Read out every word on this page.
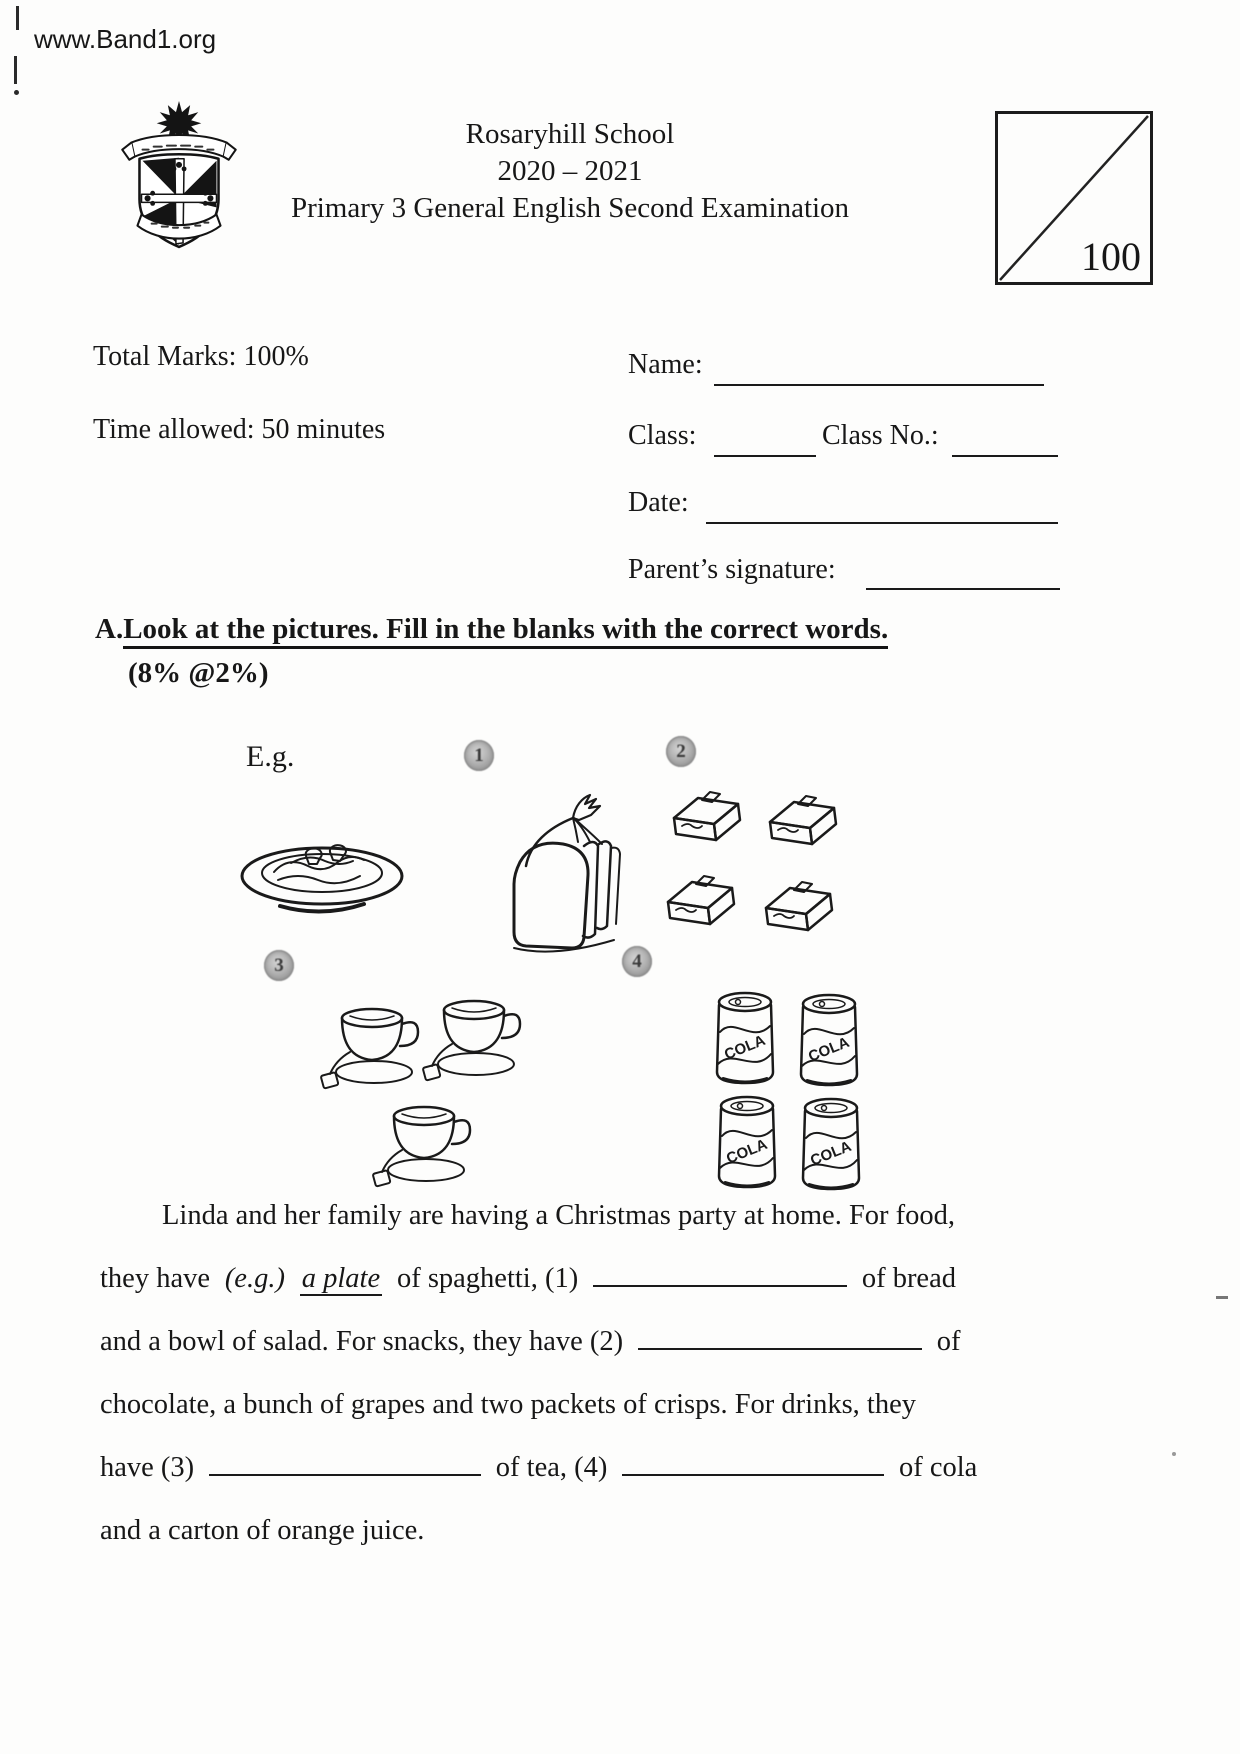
www.Band1.org
Rosaryhill School
2020 – 2021
Primary 3 General English Second Examination
100
Total Marks: 100%
Time allowed: 50 minutes
Name:
Class:	Class No.:
Date:
Parent’s signature:
A.Look at the pictures. Fill in the blanks with the correct words.
(8% @2%)
E.g.	1	2
3	4
Linda and her family are having a Christmas party at home. For food,
they have (e.g.) a plate of spaghetti, (1)	of bread
and a bowl of salad. For snacks, they have (2)	of
chocolate, a bunch of grapes and two packets of crisps. For drinks, they
have (3)	of tea, (4)	of cola
and a carton of orange juice.
